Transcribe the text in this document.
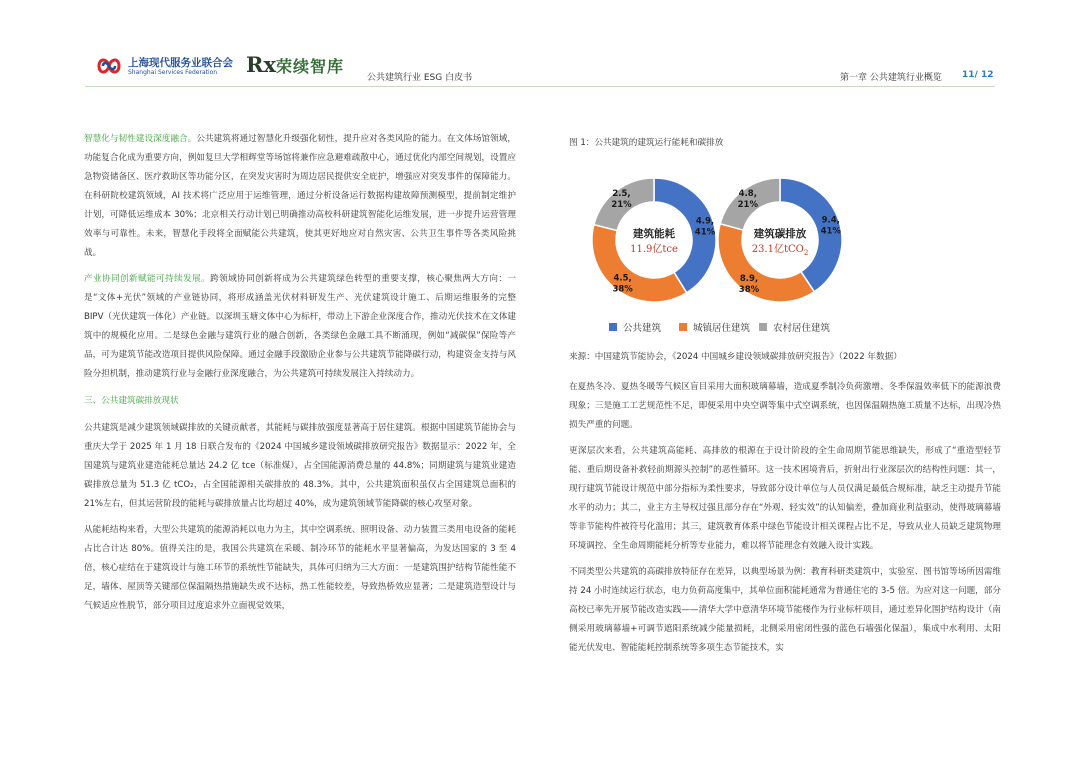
上海现代服务业联合会
Shanghai Services Federation Rx 荣续智库
公共建筑行业 ESG 白皮书	第一章 公共建筑行业概览 11/ 12

智慧化与韧性建设深度融合。公共建筑将通过智慧化升级强化韧性，提升应对各类风险的能力。在文体场馆领域，功能复合化成为重要方向，例如复旦大学相辉堂等场馆将兼作应急避难疏散中心，通过优化内部空间规划，设置应急物资储备区、医疗救助区等功能分区，在突发灾害时为周边居民提供安全庇护，增强应对突发事件的保障能力。在科研院校建筑领域，AI 技术将广泛应用于运维管理，通过分析设备运行数据构建故障预测模型，提前制定维护计划，可降低运维成本 30%；北京相关行动计划已明确推动高校科研建筑智能化运维发展，进一步提升运营管理效率与可靠性。未来，智慧化手段将全面赋能公共建筑，使其更好地应对自然灾害、公共卫生事件等各类风险挑战。

产业协同创新赋能可持续发展。跨领域协同创新将成为公共建筑绿色转型的重要支撑，核心聚焦两大方向：一是“文体+光伏”领域的产业链协同，将形成涵盖光伏材料研发生产、光伏建筑设计施工、后期运维服务的完整 BIPV（光伏建筑一体化）产业链。以深圳玉塘文体中心为标杆，带动上下游企业深度合作，推动光伏技术在文体建筑中的规模化应用。二是绿色金融与建筑行业的融合创新，各类绿色金融工具不断涌现，例如“减碳保”保险等产品，可为建筑节能改造项目提供风险保障。通过金融手段激励企业参与公共建筑节能降碳行动，构建资金支持与风险分担机制，推动建筑行业与金融行业深度融合，为公共建筑可持续发展注入持续动力。

三、公共建筑碳排放现状

公共建筑是减少建筑领域碳排放的关键贡献者，其能耗与碳排放强度显著高于居住建筑。根据中国建筑节能协会与重庆大学于 2025 年 1 月 18 日联合发布的《2024 中国城乡建设领域碳排放研究报告》数据显示：2022 年，全国建筑与建筑业建造能耗总量达 24.2 亿 tce（标准煤），占全国能源消费总量的 44.8%；同期建筑与建筑业建造碳排放总量为 51.3 亿 tCO₂，占全国能源相关碳排放的 48.3%。其中，公共建筑面积虽仅占全国建筑总面积的 21%左右，但其运营阶段的能耗与碳排放量占比均超过 40%，成为建筑领域节能降碳的核心攻坚对象。

从能耗结构来看，大型公共建筑的能源消耗以电力为主，其中空调系统、照明设备、动力装置三类用电设备的能耗占比合计达 80%。值得关注的是，我国公共建筑在采暖、制冷环节的能耗水平显著偏高，为发达国家的 3 至 4 倍，核心症结在于建筑设计与施工环节的系统性节能缺失，具体可归纳为三大方面：一是建筑围护结构节能性能不足，墙体、屋顶等关键部位保温隔热措施缺失或不达标，热工性能较差，导致热桥效应显著；二是建筑造型设计与气候适应性脱节，部分项目过度追求外立面视觉效果，

图 1：公共建筑的建筑运行能耗和碳排放
4.9,
41%
4.5,
38%
2.5,
21%
建筑能耗
11.9亿tce
9.4,
41%
8.9,
38%
4.8,
21%
建筑碳排放
23.1亿tCO$_2$
公共建筑	城镇居住建筑 农村居住建筑
来源：中国建筑节能协会，《2024 中国城乡建设领域碳排放研究报告》（2022 年数据）

在夏热冬冷、夏热冬暖等气候区盲目采用大面积玻璃幕墙，造成夏季制冷负荷激增、冬季保温效率低下的能源浪费现象；三是施工工艺规范性不足，即便采用中央空调等集中式空调系统，也因保温隔热施工质量不达标，出现冷热损失严重的问题。

更深层次来看，公共建筑高能耗、高排放的根源在于设计阶段的全生命周期节能思维缺失，形成了“重造型轻节能、重后期设备补救轻前期源头控制”的恶性循环。这一技术困境背后，折射出行业深层次的结构性问题：其一，现行建筑节能设计规范中部分指标为柔性要求，导致部分设计单位与人员仅满足最低合规标准，缺乏主动提升节能水平的动力；其二，业主方主导权过强且部分存在“外观、轻实效”的认知偏差，叠加商业利益驱动，使得玻璃幕墙等非节能构件被符号化滥用；其三，建筑教育体系中绿色节能设计相关课程占比不足，导致从业人员缺乏建筑物理环境调控、全生命周期能耗分析等专业能力，难以将节能理念有效融入设计实践。

不同类型公共建筑的高碳排放特征存在差异，以典型场景为例：教育科研类建筑中，实验室、图书馆等场所因需维持 24 小时连续运行状态，电力负荷高度集中，其单位面积能耗通常为普通住宅的 3-5 倍。为应对这一问题，部分高校已率先开展节能改造实践——清华大学中意清华环境节能楼作为行业标杆项目，通过差异化围护结构设计（南侧采用玻璃幕墙+可调节遮阳系统减少能量损耗，北侧采用密闭性强的蓝色石墙强化保温），集成中水利用、太阳能光伏发电、智能能耗控制系统等多项生态节能技术，实
